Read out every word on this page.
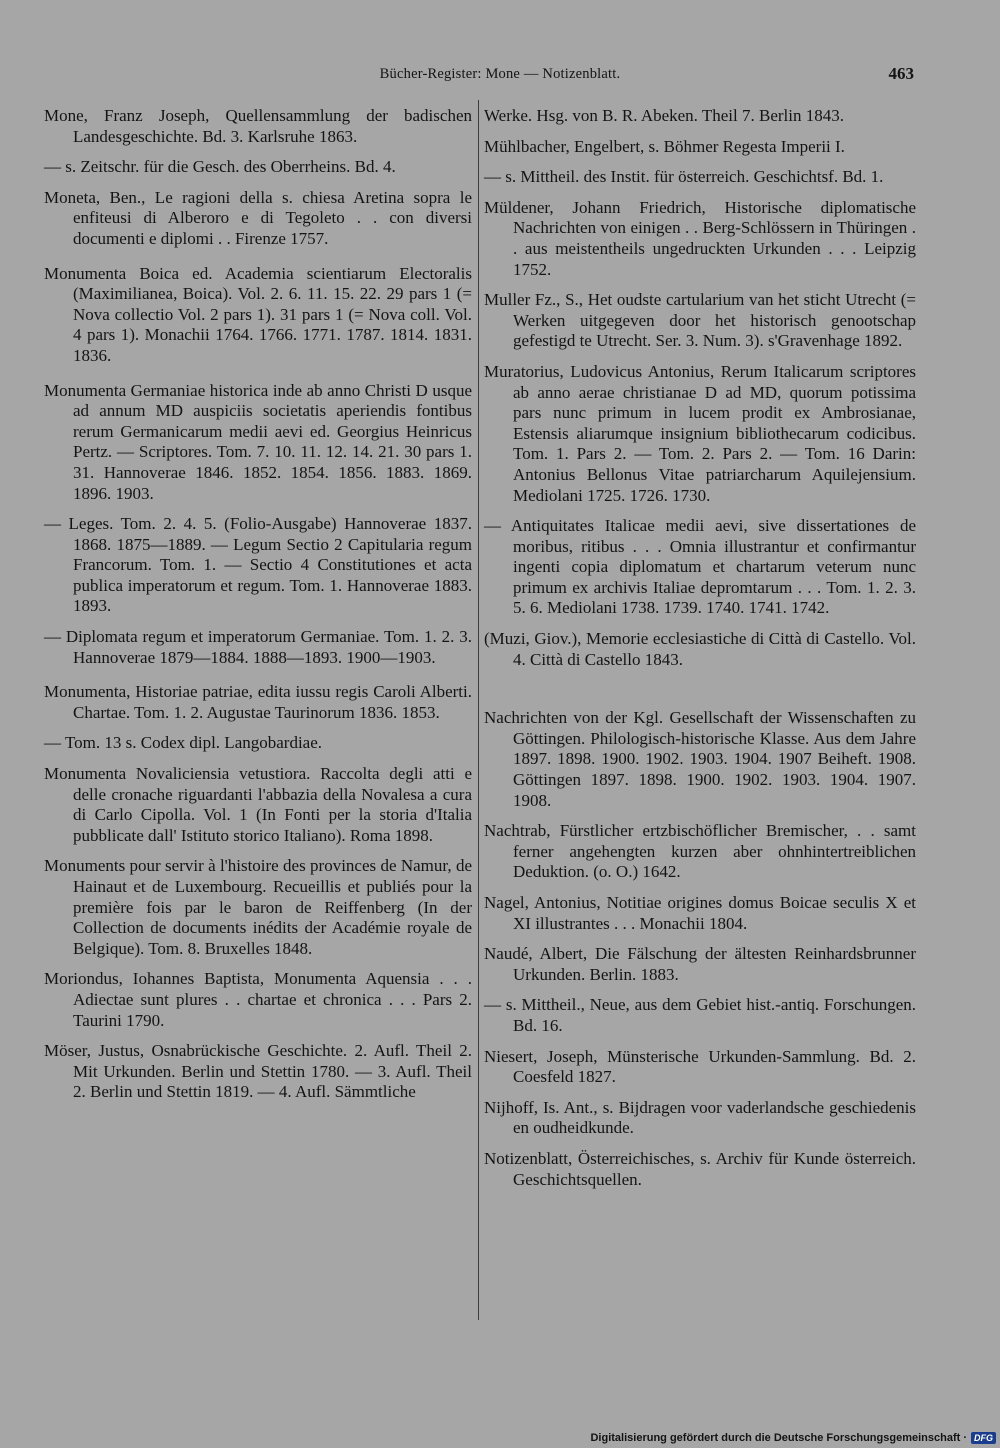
Bücher-Register: Mone — Notizenblatt.	463

Mone, Franz Joseph, Quellensammlung der badischen Landesgeschichte. Bd. 3. Karlsruhe 1863.

— s. Zeitschr. für die Gesch. des Oberrheins. Bd. 4.

Moneta, Ben., Le ragioni della s. chiesa Aretina sopra le enfiteusi di Alberoro e di Tegoleto . . con diversi documenti e diplomi . . Firenze 1757.

Monumenta Boica ed. Academia scientiarum Electoralis (Maximilianea, Boica). Vol. 2. 6. 11. 15. 22. 29 pars 1 (= Nova collectio Vol. 2 pars 1). 31 pars 1 (= Nova coll. Vol. 4 pars 1). Monachii 1764. 1766. 1771. 1787. 1814. 1831. 1836.

Monumenta Germaniae historica inde ab anno Christi D usque ad annum MD auspiciis societatis aperiendis fontibus rerum Germanicarum medii aevi ed. Georgius Heinricus Pertz. — Scriptores. Tom. 7. 10. 11. 12. 14. 21. 30 pars 1. 31. Hannoverae 1846. 1852. 1854. 1856. 1883. 1869. 1896. 1903.

— Leges. Tom. 2. 4. 5. (Folio-Ausgabe) Hannoverae 1837. 1868. 1875—1889. — Legum Sectio 2 Capitularia regum Francorum. Tom. 1. — Sectio 4 Constitutiones et acta publica imperatorum et regum. Tom. 1. Hannoverae 1883. 1893.

— Diplomata regum et imperatorum Germaniae. Tom. 1. 2. 3. Hannoverae 1879—1884. 1888—1893. 1900—1903.

Monumenta, Historiae patriae, edita iussu regis Caroli Alberti. Chartae. Tom. 1. 2. Augustae Taurinorum 1836. 1853.

— Tom. 13 s. Codex dipl. Langobardiae.

Monumenta Novaliciensia vetustiora. Raccolta degli atti e delle cronache riguardanti l'abbazia della Novalesa a cura di Carlo Cipolla. Vol. 1 (In Fonti per la storia d'Italia pubblicate dall' Istituto storico Italiano). Roma 1898.

Monuments pour servir à l'histoire des provinces de Namur, de Hainaut et de Luxembourg. Recueillis et publiés pour la première fois par le baron de Reiffenberg (In der Collection de documents inédits der Académie royale de Belgique). Tom. 8. Bruxelles 1848.

Moriondus, Iohannes Baptista, Monumenta Aquensia . . . Adiectae sunt plures . . chartae et chronica . . . Pars 2. Taurini 1790.

Möser, Justus, Osnabrückische Geschichte. 2. Aufl. Theil 2. Mit Urkunden. Berlin und Stettin 1780. — 3. Aufl. Theil 2. Berlin und Stettin 1819. — 4. Aufl. Sämmtliche

Werke. Hsg. von B. R. Abeken. Theil 7. Berlin 1843.

Mühlbacher, Engelbert, s. Böhmer Regesta Imperii I.

— s. Mittheil. des Instit. für österreich. Geschichtsf. Bd. 1.

Müldener, Johann Friedrich, Historische diplomatische Nachrichten von einigen . . Berg-Schlössern in Thüringen . . aus meistentheils ungedruckten Urkunden . . . Leipzig 1752.

Muller Fz., S., Het oudste cartularium van het sticht Utrecht (= Werken uitgegeven door het historisch genootschap gefestigd te Utrecht. Ser. 3. Num. 3). s'Gravenhage 1892.

Muratorius, Ludovicus Antonius, Rerum Italicarum scriptores ab anno aerae christianae D ad MD, quorum potissima pars nunc primum in lucem prodit ex Ambrosianae, Estensis aliarumque insignium bibliothecarum codicibus. Tom. 1. Pars 2. — Tom. 2. Pars 2. — Tom. 16 Darin: Antonius Bellonus Vitae patriarcharum Aquilejensium. Mediolani 1725. 1726. 1730.

— Antiquitates Italicae medii aevi, sive dissertationes de moribus, ritibus . . . Omnia illustrantur et confirmantur ingenti copia diplomatum et chartarum veterum nunc primum ex archivis Italiae depromtarum . . . Tom. 1. 2. 3. 5. 6. Mediolani 1738. 1739. 1740. 1741. 1742.

(Muzi, Giov.), Memorie ecclesiastiche di Città di Castello. Vol. 4. Città di Castello 1843.

Nachrichten von der Kgl. Gesellschaft der Wissenschaften zu Göttingen. Philologisch-historische Klasse. Aus dem Jahre 1897. 1898. 1900. 1902. 1903. 1904. 1907 Beiheft. 1908. Göttingen 1897. 1898. 1900. 1902. 1903. 1904. 1907. 1908.

Nachtrab, Fürstlicher ertzbischöflicher Bremischer, . . samt ferner angehengten kurzen aber ohnhintertreiblichen Deduktion. (o. O.) 1642.

Nagel, Antonius, Notitiae origines domus Boicae seculis X et XI illustrantes . . . Monachii 1804.

Naudé, Albert, Die Fälschung der ältesten Reinhardsbrunner Urkunden. Berlin. 1883.

— s. Mittheil., Neue, aus dem Gebiet hist.-antiq. Forschungen. Bd. 16.

Niesert, Joseph, Münsterische Urkunden-Sammlung. Bd. 2. Coesfeld 1827.

Nijhoff, Is. Ant., s. Bijdragen voor vaderlandsche geschiedenis en oudheidkunde.

Notizenblatt, Österreichisches, s. Archiv für Kunde österreich. Geschichtsquellen.

Digitalisierung gefördert durch die Deutsche Forschungsgemeinschaft · DFG
